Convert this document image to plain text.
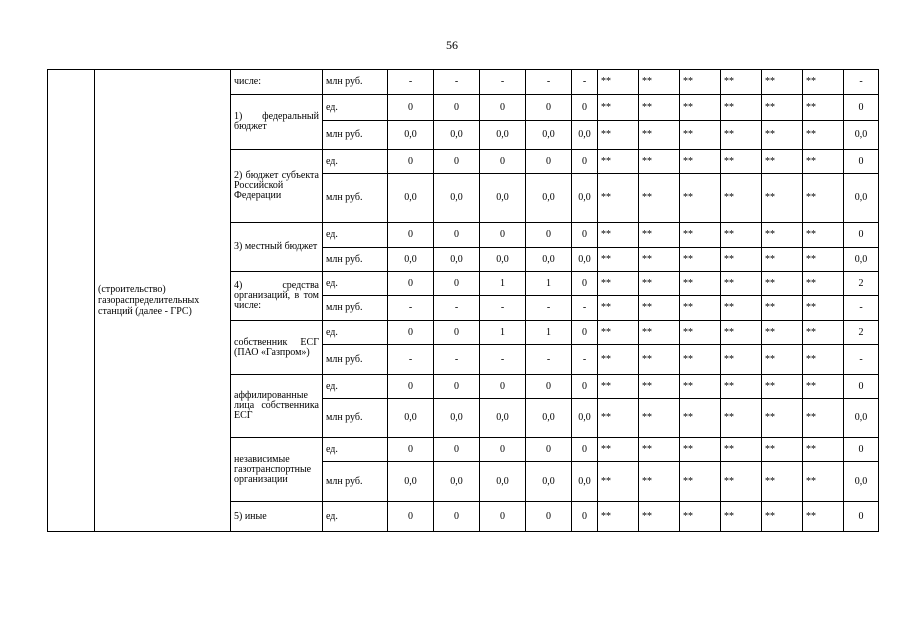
56
	(строительство) газораспределительных станций (далее - ГРС)	числе:	млн руб.	-	-	-	-	-	**	**	**	**	**	**	-
		1) федеральный бюджет	ед.	0	0	0	0	0	**	**	**	**	**	**	0
			млн руб.	0,0	0,0	0,0	0,0	0,0	**	**	**	**	**	**	0,0
		2) бюджет субъекта Российской Федерации	ед.	0	0	0	0	0	**	**	**	**	**	**	0
			млн руб.	0,0	0,0	0,0	0,0	0,0	**	**	**	**	**	**	0,0
		3) местный бюджет	ед.	0	0	0	0	0	**	**	**	**	**	**	0
			млн руб.	0,0	0,0	0,0	0,0	0,0	**	**	**	**	**	**	0,0
		4) средства организаций, в том числе:	ед.	0	0	1	1	0	**	**	**	**	**	**	2
			млн руб.	-	-	-	-	-	**	**	**	**	**	**	-
		собственник ЕСГ (ПАО «Газпром»)	ед.	0	0	1	1	0	**	**	**	**	**	**	2
			млн руб.	-	-	-	-	-	**	**	**	**	**	**	-
		аффилированные лица собственника ЕСГ	ед.	0	0	0	0	0	**	**	**	**	**	**	0
			млн руб.	0,0	0,0	0,0	0,0	0,0	**	**	**	**	**	**	0,0
		независимые газотранспортные организации	ед.	0	0	0	0	0	**	**	**	**	**	**	0
			млн руб.	0,0	0,0	0,0	0,0	0,0	**	**	**	**	**	**	0,0
		5) иные	ед.	0	0	0	0	0	**	**	**	**	**	**	0
